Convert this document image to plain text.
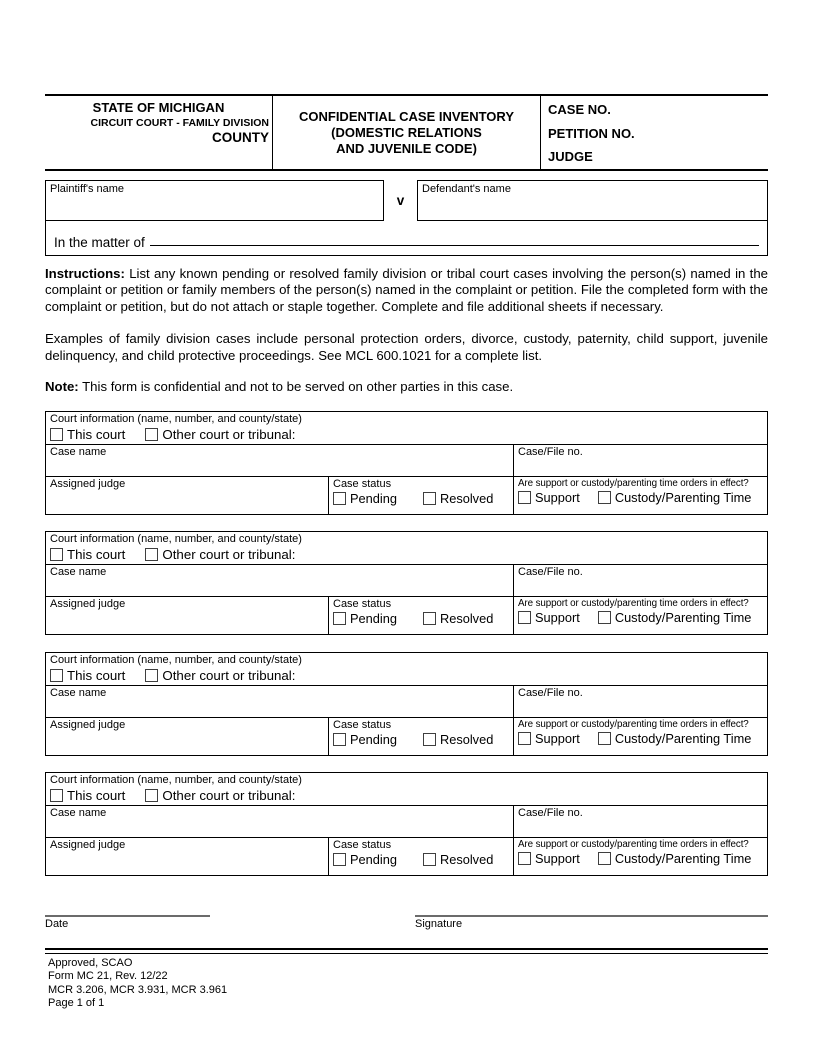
STATE OF MICHIGAN
CIRCUIT COURT - FAMILY DIVISION
COUNTY
CONFIDENTIAL CASE INVENTORY
(DOMESTIC RELATIONS
AND JUVENILE CODE)
CASE NO.
PETITION NO.
JUDGE
Plaintiff's name
v
Defendant's name
In the matter of

Instructions: List any known pending or resolved family division or tribal court cases involving the person(s) named in the complaint or petition or family members of the person(s) named in the complaint or petition. File the completed form with the complaint or petition, but do not attach or staple together. Complete and file additional sheets if necessary.

Examples of family division cases include personal protection orders, divorce, custody, paternity, child support, juvenile delinquency, and child protective proceedings. See MCL 600.1021 for a complete list.

Note: This form is confidential and not to be served on other parties in this case.

Court information (name, number, and county/state)
This court	Other court or tribunal:
Case name	Case/File no.
Assigned judge	Case status
Pending	Resolved
Are support or custody/parenting time orders in effect?
Support	Custody/Parenting Time
Court information (name, number, and county/state)
This court	Other court or tribunal:
Case name	Case/File no.
Assigned judge	Case status
Pending	Resolved
Are support or custody/parenting time orders in effect?
Support	Custody/Parenting Time
Court information (name, number, and county/state)
This court	Other court or tribunal:
Case name	Case/File no.
Assigned judge	Case status
Pending	Resolved
Are support or custody/parenting time orders in effect?
Support	Custody/Parenting Time
Court information (name, number, and county/state)
This court	Other court or tribunal:
Case name	Case/File no.
Assigned judge	Case status
Pending	Resolved
Are support or custody/parenting time orders in effect?
Support	Custody/Parenting Time
Date	Signature
Approved, SCAO
Form MC 21, Rev. 12/22
MCR 3.206, MCR 3.931, MCR 3.961
Page 1 of 1
